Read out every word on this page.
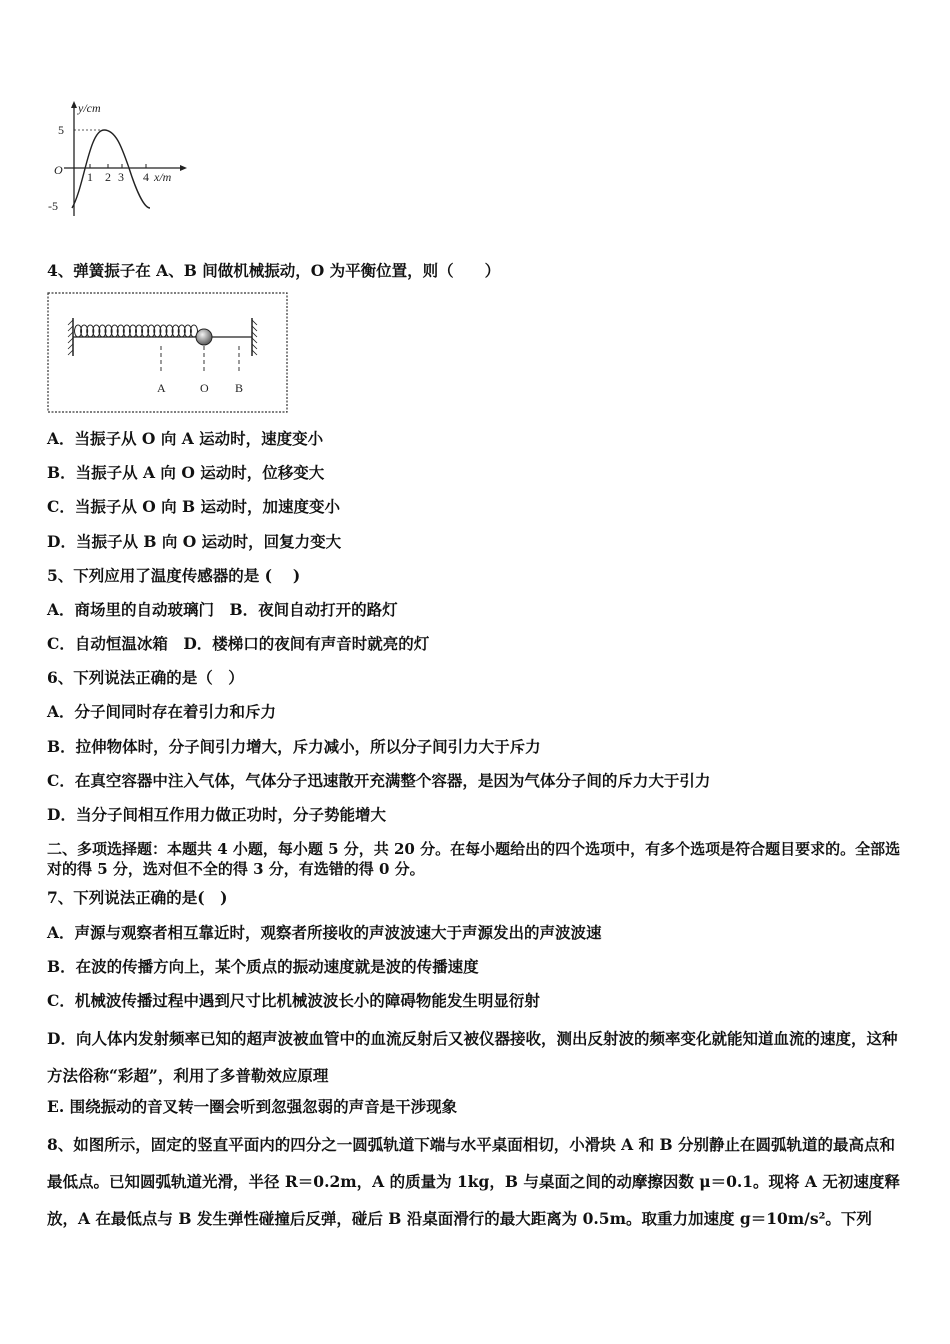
y/cm
5
-5
O 1 2 3 4 x/m
4、弹簧振子在 A、B 间做机械振动，O 为平衡位置，则（　　）
A	O B
A．当振子从 O 向 A 运动时，速度变小
B．当振子从 A 向 O 运动时，位移变大
C．当振子从 O 向 B 运动时，加速度变小
D．当振子从 B 向 O 运动时，回复力变大
5、下列应用了温度传感器的是 (　 )
A．商场里的自动玻璃门　B．夜间自动打开的路灯
C．自动恒温冰箱　D．楼梯口的夜间有声音时就亮的灯
6、下列说法正确的是（　）
A．分子间同时存在着引力和斥力
B．拉伸物体时，分子间引力增大，斥力减小，所以分子间引力大于斥力
C．在真空容器中注入气体，气体分子迅速散开充满整个容器，是因为气体分子间的斥力大于引力
D．当分子间相互作用力做正功时，分子势能增大
二、多项选择题：本题共 4 小题，每小题 5 分，共 20 分。在每小题给出的四个选项中，有多个选项是符合题目要求的。全部选对的得 5 分，选对但不全的得 3 分，有选错的得 0 分。
7、下列说法正确的是(　)
A．声源与观察者相互靠近时，观察者所接收的声波波速大于声源发出的声波波速
B．在波的传播方向上，某个质点的振动速度就是波的传播速度
C．机械波传播过程中遇到尺寸比机械波波长小的障碍物能发生明显衍射
D．向人体内发射频率已知的超声波被血管中的血流反射后又被仪器接收，测出反射波的频率变化就能知道血流的速度，这种方法俗称“彩超”，利用了多普勒效应原理
E. 围绕振动的音叉转一圈会听到忽强忽弱的声音是干涉现象
8、如图所示，固定的竖直平面内的四分之一圆弧轨道下端与水平桌面相切，小滑块 A 和 B 分别静止在圆弧轨道的最高点和最低点。已知圆弧轨道光滑，半径 R＝0.2m，A 的质量为 1kg，B 与桌面之间的动摩擦因数 μ＝0.1。现将 A 无初速度释放，A 在最低点与 B 发生弹性碰撞后反弹，碰后 B 沿桌面滑行的最大距离为 0.5m。取重力加速度 g＝10m/s²。下列
